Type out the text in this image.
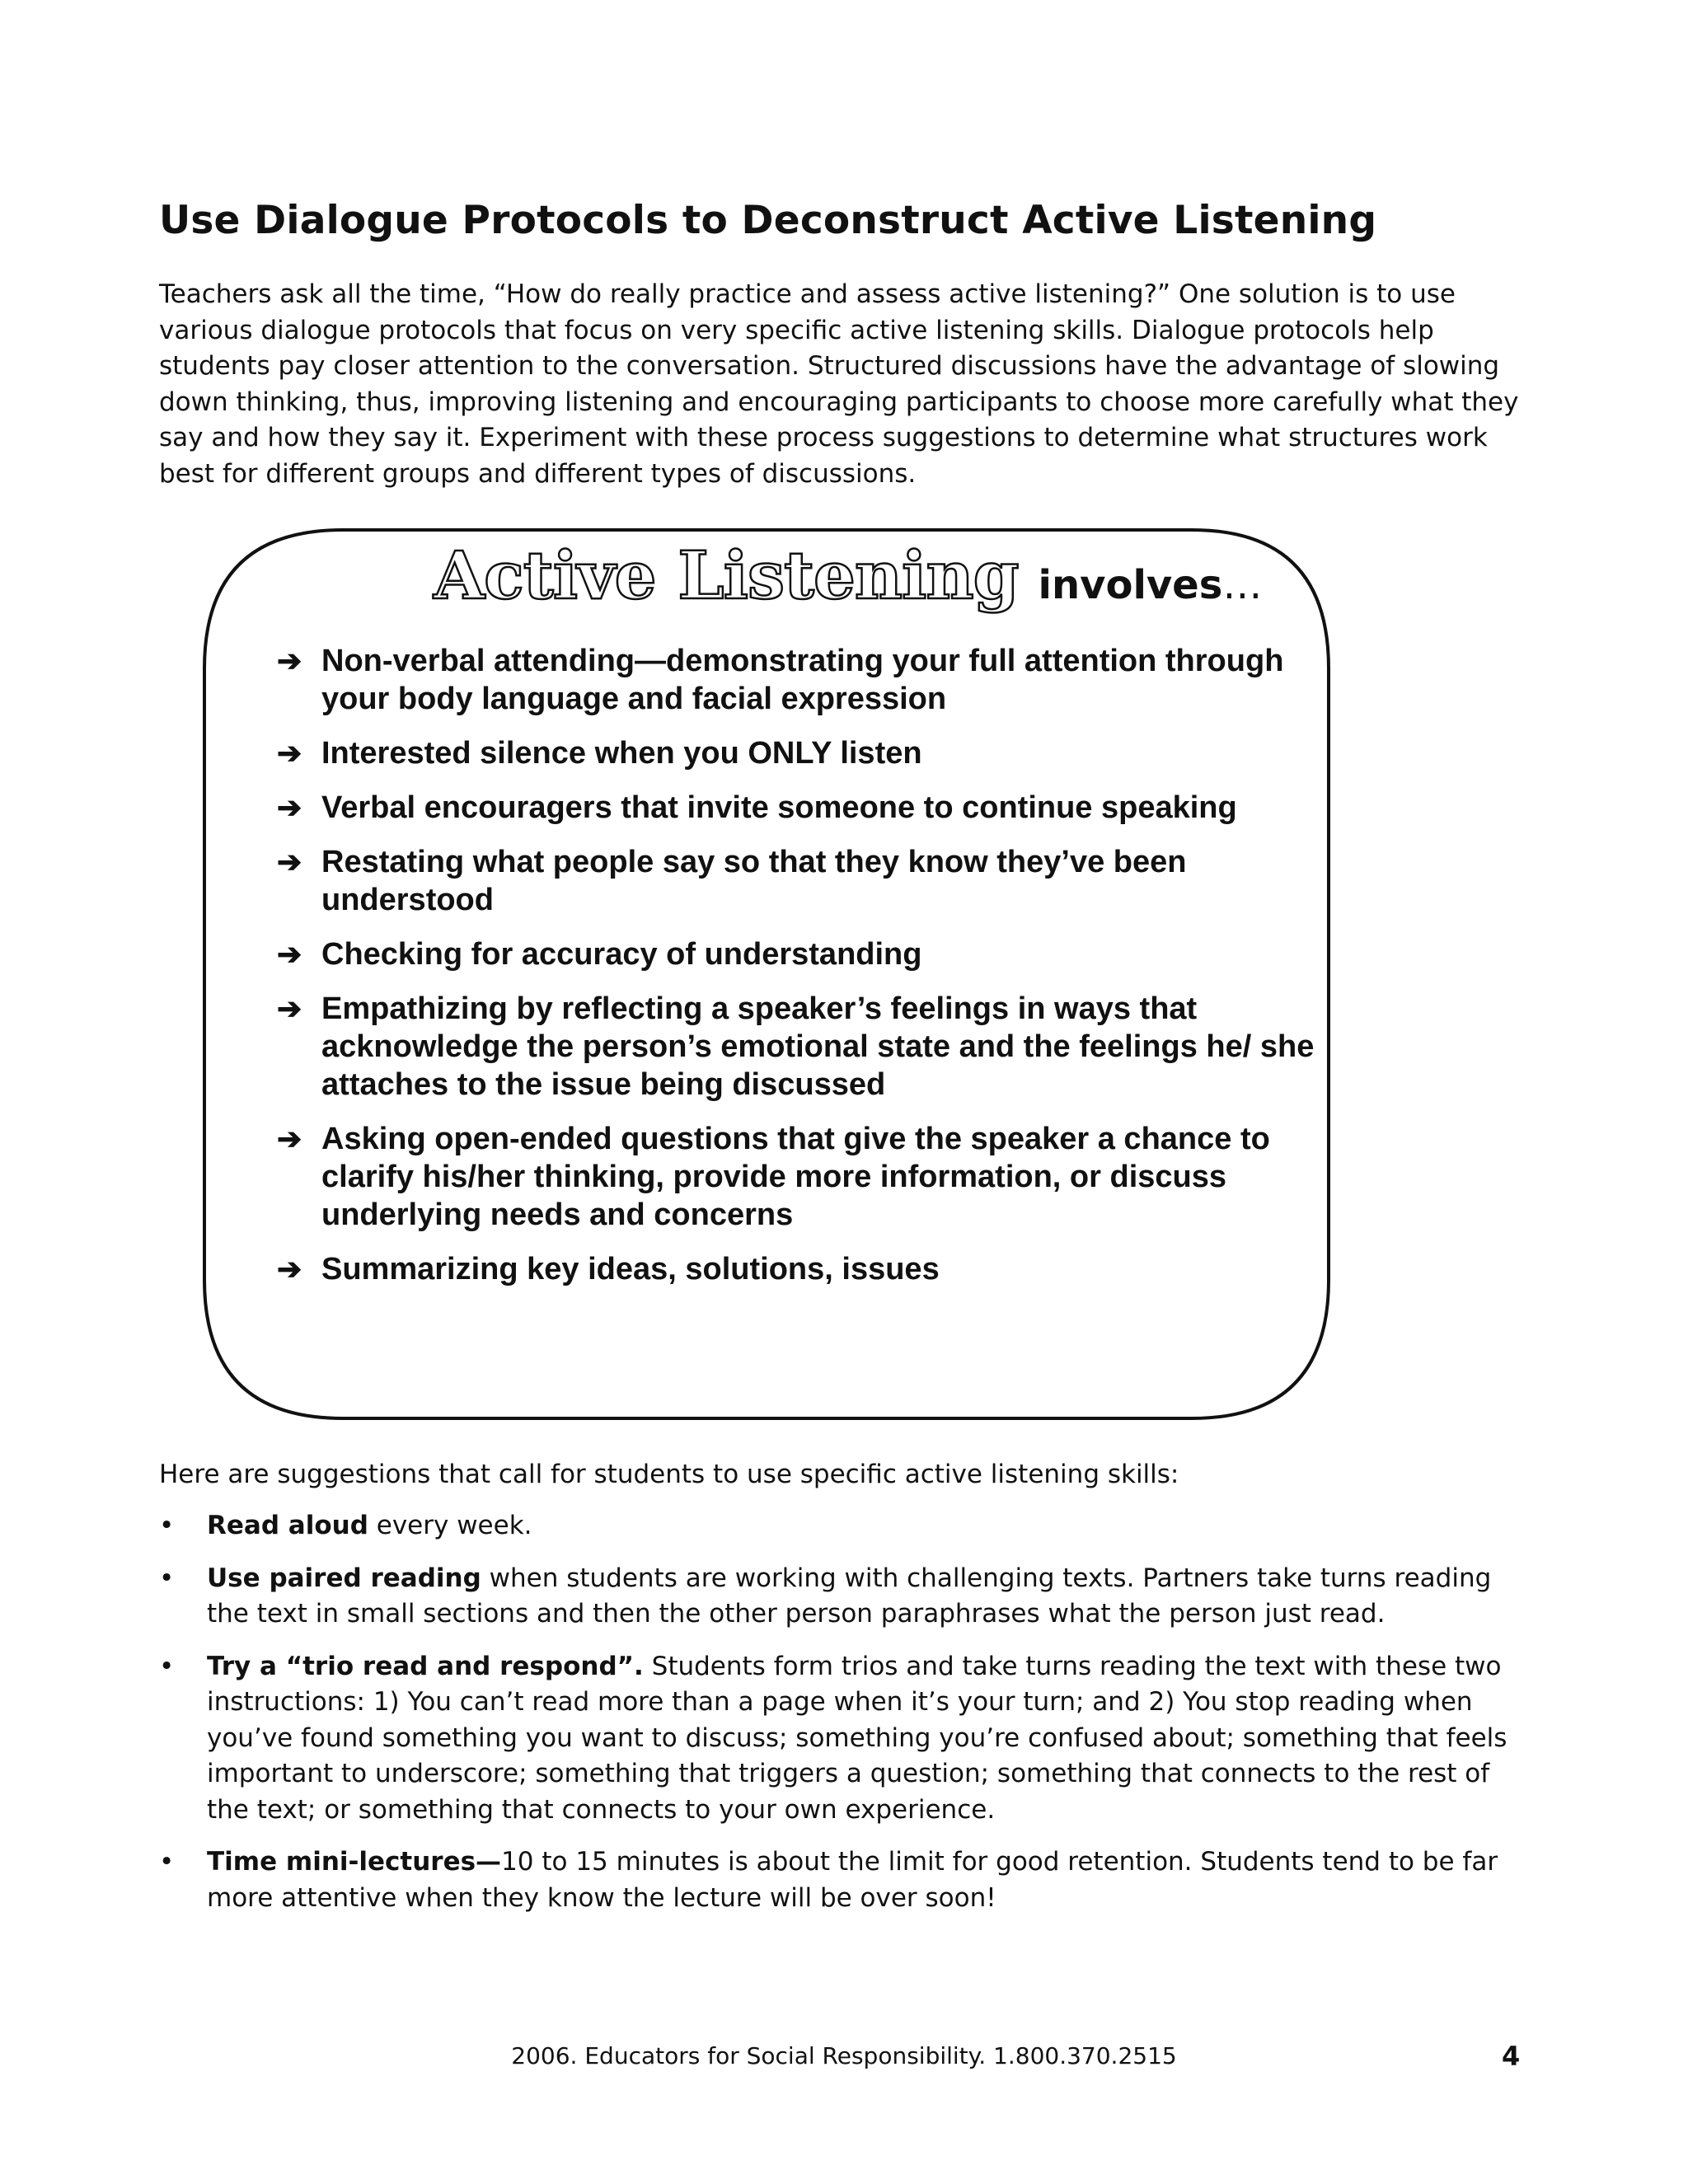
Use Dialogue Protocols to Deconstruct Active Listening

Teachers ask all the time, “How do really practice and assess active listening?” One solution is to use various dialogue protocols that focus on very specific active listening skills. Dialogue protocols help students pay closer attention to the conversation. Structured discussions have the advantage of slowing down thinking, thus, improving listening and encouraging participants to choose more carefully what they say and how they say it. Experiment with these process suggestions to determine what structures work best for different groups and different types of discussions.

Active Listening involves…
➔ Non-verbal attending—demonstrating your full attention through your body language and facial expression
➔ Interested silence when you ONLY listen
➔ Verbal encouragers that invite someone to continue speaking
➔ Restating what people say so that they know they’ve been understood
➔ Checking for accuracy of understanding
➔ Empathizing by reflecting a speaker’s feelings in ways that acknowledge the person’s emotional state and the feelings he/ she attaches to the issue being discussed
➔ Asking open-ended questions that give the speaker a chance to clarify his/her thinking, provide more information, or discuss underlying needs and concerns
➔ Summarizing key ideas, solutions, issues

Here are suggestions that call for students to use specific active listening skills:

•	Read aloud every week.
•	Use paired reading when students are working with challenging texts. Partners take turns reading the text in small sections and then the other person paraphrases what the person just read.
•	Try a “trio read and respond”. Students form trios and take turns reading the text with these two instructions: 1) You can’t read more than a page when it’s your turn; and 2) You stop reading when you’ve found something you want to discuss; something you’re confused about; something that feels important to underscore; something that triggers a question; something that connects to the rest of the text; or something that connects to your own experience.
•	Time mini-lectures—10 to 15 minutes is about the limit for good retention. Students tend to be far more attentive when they know the lecture will be over soon!
2006. Educators for Social Responsibility. 1.800.370.2515	4
